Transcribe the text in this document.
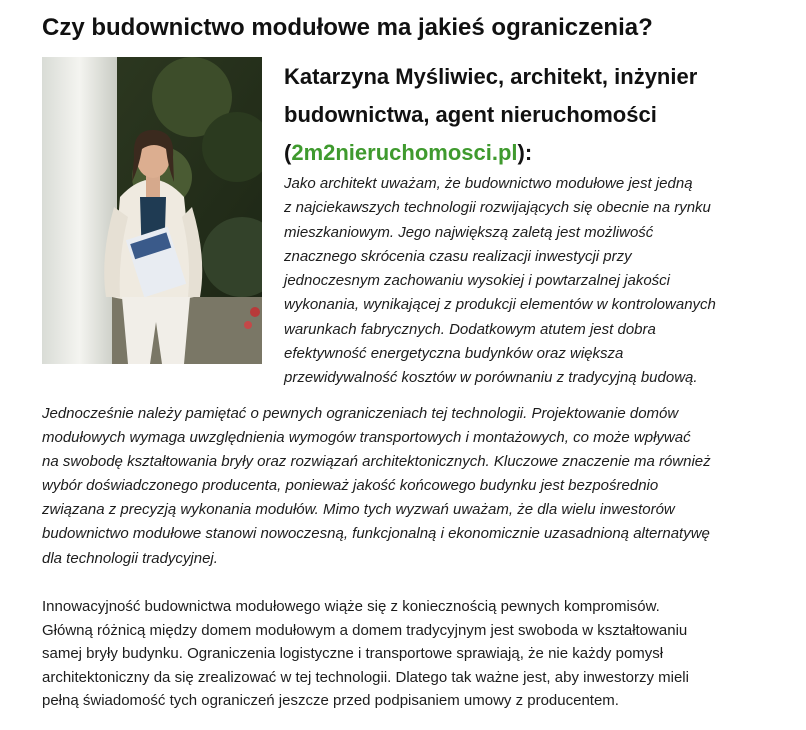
Czy budownictwo modułowe ma jakieś ograniczenia?
Katarzyna Myśliwiec, architekt, inżynier
budownictwa, agent nieruchomości
(2m2nieruchomosci.pl):

Jako architekt uważam, że budownictwo modułowe jest jedną
z najciekawszych technologii rozwijających się obecnie na rynku
mieszkaniowym. Jego największą zaletą jest możliwość
znacznego skrócenia czasu realizacji inwestycji przy
jednoczesnym zachowaniu wysokiej i powtarzalnej jakości
wykonania, wynikającej z produkcji elementów w kontrolowanych
warunkach fabrycznych. Dodatkowym atutem jest dobra
efektywność energetyczna budynków oraz większa
przewidywalność kosztów w porównaniu z tradycyjną budową.

Jednocześnie należy pamiętać o pewnych ograniczeniach tej technologii. Projektowanie domów
modułowych wymaga uwzględnienia wymogów transportowych i montażowych, co może wpływać
na swobodę kształtowania bryły oraz rozwiązań architektonicznych. Kluczowe znaczenie ma również
wybór doświadczonego producenta, ponieważ jakość końcowego budynku jest bezpośrednio
związana z precyzją wykonania modułów. Mimo tych wyzwań uważam, że dla wielu inwestorów
budownictwo modułowe stanowi nowoczesną, funkcjonalną i ekonomicznie uzasadnioną alternatywę
dla technologii tradycyjnej.

Innowacyjność budownictwa modułowego wiąże się z koniecznością pewnych kompromisów.
Główną różnicą między domem modułowym a domem tradycyjnym jest swoboda w kształtowaniu
samej bryły budynku. Ograniczenia logistyczne i transportowe sprawiają, że nie każdy pomysł
architektoniczny da się zrealizować w tej technologii. Dlatego tak ważne jest, aby inwestorzy mieli
pełną świadomość tych ograniczeń jeszcze przed podpisaniem umowy z producentem.
